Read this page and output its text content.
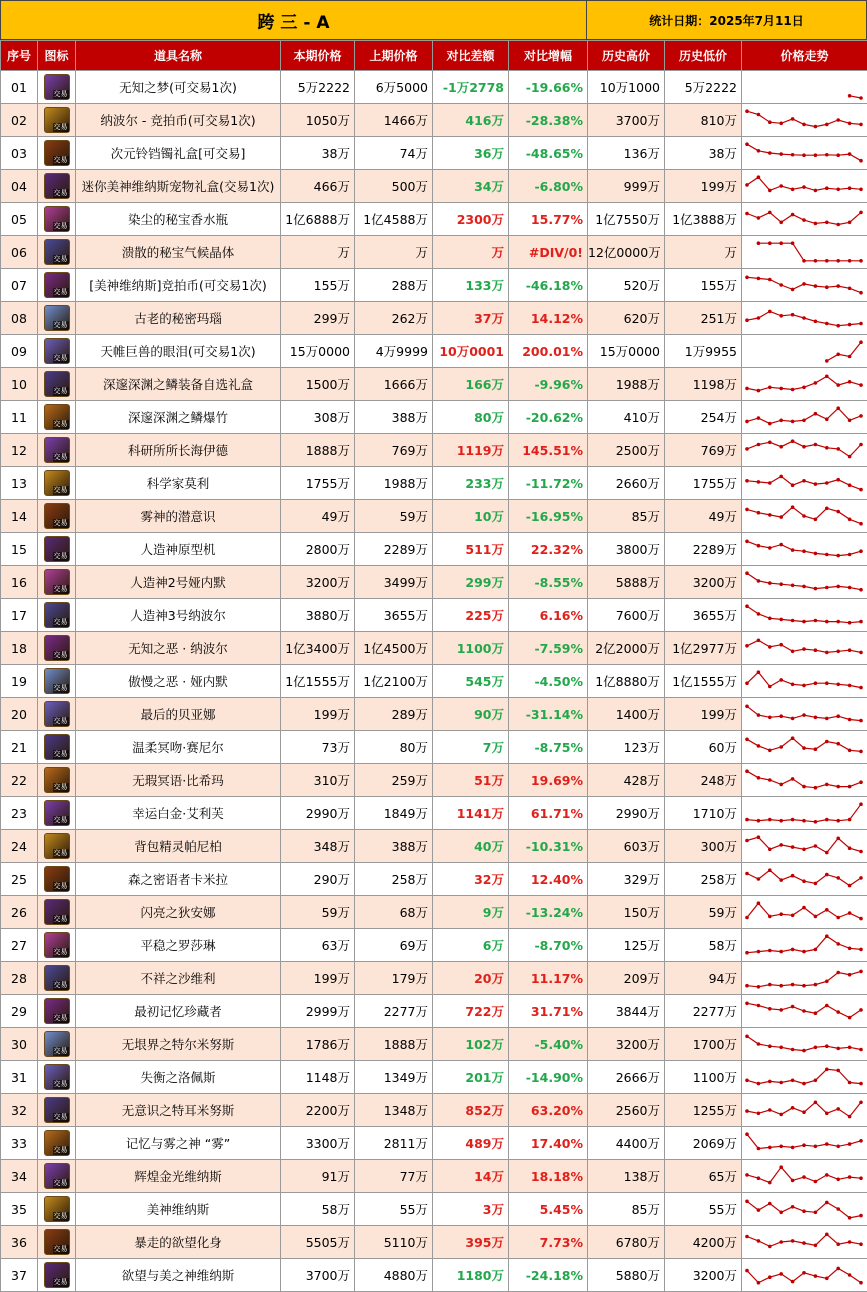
跨 三 - A	统计日期：2025年7月11日
序号	图标	道具名称	本期价格	上期价格	对比差额	对比增幅	历史高价	历史低价	价格走势
01	交易	无知之梦(可交易1次)	5万2222	6万5000	-1万2778	-19.66%	10万1000	5万2222	

02	交易	纳波尔 - 竞拍币(可交易1次)	1050万	1466万	416万	-28.38%	3700万	810万	

03	交易	次元铃铛镯礼盒[可交易]	38万	74万	36万	-48.65%	136万	38万	

04	交易	迷你美神维纳斯宠物礼盒(交易1次)	466万	500万	34万	-6.80%	999万	199万	

05	交易	染尘的秘宝香水瓶	1亿6888万	1亿4588万	2300万	15.77%	1亿7550万	1亿3888万	

06	交易	溃散的秘宝气候晶体	万	万	万	#DIV/0!	12亿0000万	万	

07	交易	[美神维纳斯]竞拍币(可交易1次)	155万	288万	133万	-46.18%	520万	155万	

08	交易	古老的秘密玛瑙	299万	262万	37万	14.12%	620万	251万	

09	交易	天帷巨兽的眼泪(可交易1次)	15万0000	4万9999	10万0001	200.01%	15万0000	1万9955	

10	交易	深邃深渊之鳞装备自选礼盒	1500万	1666万	166万	-9.96%	1988万	1198万	

11	交易	深邃深渊之鳞爆竹	308万	388万	80万	-20.62%	410万	254万	

12	交易	科研所所长海伊德	1888万	769万	1119万	145.51%	2500万	769万	

13	交易	科学家莫利	1755万	1988万	233万	-11.72%	2660万	1755万	

14	交易	雾神的潜意识	49万	59万	10万	-16.95%	85万	49万	

15	交易	人造神原型机	2800万	2289万	511万	22.32%	3800万	2289万	

16	交易	人造神2号娅内默	3200万	3499万	299万	-8.55%	5888万	3200万	

17	交易	人造神3号纳波尔	3880万	3655万	225万	6.16%	7600万	3655万	

18	交易	无知之恶 · 纳波尔	1亿3400万	1亿4500万	1100万	-7.59%	2亿2000万	1亿2977万	

19	交易	傲慢之恶 · 娅内默	1亿1555万	1亿2100万	545万	-4.50%	1亿8880万	1亿1555万	

20	交易	最后的贝亚娜	199万	289万	90万	-31.14%	1400万	199万	

21	交易	温柔冥吻·赛尼尔	73万	80万	7万	-8.75%	123万	60万	

22	交易	无瑕冥语·比希玛	310万	259万	51万	19.69%	428万	248万	

23	交易	幸运白金·艾利芙	2990万	1849万	1141万	61.71%	2990万	1710万	

24	交易	背包精灵帕尼柏	348万	388万	40万	-10.31%	603万	300万	

25	交易	森之密语者卡米拉	290万	258万	32万	12.40%	329万	258万	

26	交易	闪亮之狄安娜	59万	68万	9万	-13.24%	150万	59万	

27	交易	平稳之罗莎琳	63万	69万	6万	-8.70%	125万	58万	

28	交易	不祥之沙维利	199万	179万	20万	11.17%	209万	94万	

29	交易	最初记忆珍藏者	2999万	2277万	722万	31.71%	3844万	2277万	

30	交易	无垠界之特尔米努斯	1786万	1888万	102万	-5.40%	3200万	1700万	

31	交易	失衡之洛佩斯	1148万	1349万	201万	-14.90%	2666万	1100万	

32	交易	无意识之特耳米努斯	2200万	1348万	852万	63.20%	2560万	1255万	

33	交易	记忆与雾之神 “雾”	3300万	2811万	489万	17.40%	4400万	2069万	

34	交易	辉煌金光维纳斯	91万	77万	14万	18.18%	138万	65万	

35	交易	美神维纳斯	58万	55万	3万	5.45%	85万	55万	

36	交易	暴走的欲望化身	5505万	5110万	395万	7.73%	6780万	4200万	

37	交易	欲望与美之神维纳斯	3700万	4880万	1180万	-24.18%	5880万	3200万	
